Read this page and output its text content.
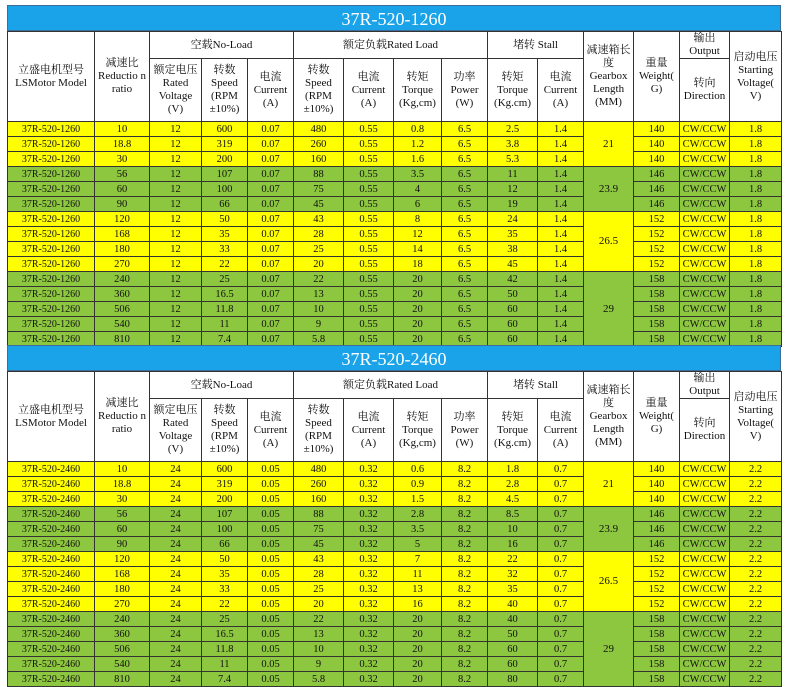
37R-520-1260
立盛电机型号 LSMotor Model	减速比Reductio n ratio	空载No-Load			额定负载Rated Load				堵转 Stall		减速箱长度 Gearbox Length (MM)	重量 Weight( G)	输出 Output	启动电压 Starting Voltage( V)
		额定电压Rated Voltage (V)	转数 Speed (RPM ±10%)	电流 Current (A)	转数 Speed (RPM ±10%)	电流 Current (A)	转矩 Torque (Kg,cm)	功率 Power (W)	转矩 Torque (Kg.cm)	电流 Current (A)			转向 Direction	
37R-520-1260	10	12	600	0.07	480	0.55	0.8	6.5	2.5	1.4	21	140	CW/CCW	1.8
37R-520-1260	18.8	12	319	0.07	260	0.55	1.2	6.5	3.8	1.4		140	CW/CCW	1.8
37R-520-1260	30	12	200	0.07	160	0.55	1.6	6.5	5.3	1.4		140	CW/CCW	1.8
37R-520-1260	56	12	107	0.07	88	0.55	3.5	6.5	11	1.4	23.9	146	CW/CCW	1.8
37R-520-1260	60	12	100	0.07	75	0.55	4	6.5	12	1.4		146	CW/CCW	1.8
37R-520-1260	90	12	66	0.07	45	0.55	6	6.5	19	1.4		146	CW/CCW	1.8
37R-520-1260	120	12	50	0.07	43	0.55	8	6.5	24	1.4	26.5	152	CW/CCW	1.8
37R-520-1260	168	12	35	0.07	28	0.55	12	6.5	35	1.4		152	CW/CCW	1.8
37R-520-1260	180	12	33	0.07	25	0.55	14	6.5	38	1.4		152	CW/CCW	1.8
37R-520-1260	270	12	22	0.07	20	0.55	18	6.5	45	1.4		152	CW/CCW	1.8
37R-520-1260	240	12	25	0.07	22	0.55	20	6.5	42	1.4	29	158	CW/CCW	1.8
37R-520-1260	360	12	16.5	0.07	13	0.55	20	6.5	50	1.4		158	CW/CCW	1.8
37R-520-1260	506	12	11.8	0.07	10	0.55	20	6.5	60	1.4		158	CW/CCW	1.8
37R-520-1260	540	12	11	0.07	9	0.55	20	6.5	60	1.4		158	CW/CCW	1.8
37R-520-1260	810	12	7.4	0.07	5.8	0.55	20	6.5	60	1.4		158	CW/CCW	1.8
37R-520-2460
立盛电机型号 LSMotor Model	减速比Reductio n ratio	空载No-Load			额定负载Rated Load				堵转 Stall		减速箱长度 Gearbox Length (MM)	重量 Weight( G)	输出 Output	启动电压 Starting Voltage( V)
		额定电压Rated Voltage (V)	转数 Speed (RPM ±10%)	电流 Current (A)	转数 Speed (RPM ±10%)	电流 Current (A)	转矩 Torque (Kg,cm)	功率 Power (W)	转矩 Torque (Kg.cm)	电流 Current (A)			转向 Direction	
37R-520-2460	10	24	600	0.05	480	0.32	0.6	8.2	1.8	0.7	21	140	CW/CCW	2.2
37R-520-2460	18.8	24	319	0.05	260	0.32	0.9	8.2	2.8	0.7		140	CW/CCW	2.2
37R-520-2460	30	24	200	0.05	160	0.32	1.5	8.2	4.5	0.7		140	CW/CCW	2.2
37R-520-2460	56	24	107	0.05	88	0.32	2.8	8.2	8.5	0.7	23.9	146	CW/CCW	2.2
37R-520-2460	60	24	100	0.05	75	0.32	3.5	8.2	10	0.7		146	CW/CCW	2.2
37R-520-2460	90	24	66	0.05	45	0.32	5	8.2	16	0.7		146	CW/CCW	2.2
37R-520-2460	120	24	50	0.05	43	0.32	7	8.2	22	0.7	26.5	152	CW/CCW	2.2
37R-520-2460	168	24	35	0.05	28	0.32	11	8.2	32	0.7		152	CW/CCW	2.2
37R-520-2460	180	24	33	0.05	25	0.32	13	8.2	35	0.7		152	CW/CCW	2.2
37R-520-2460	270	24	22	0.05	20	0.32	16	8.2	40	0.7		152	CW/CCW	2.2
37R-520-2460	240	24	25	0.05	22	0.32	20	8.2	40	0.7	29	158	CW/CCW	2.2
37R-520-2460	360	24	16.5	0.05	13	0.32	20	8.2	50	0.7		158	CW/CCW	2.2
37R-520-2460	506	24	11.8	0.05	10	0.32	20	8.2	60	0.7		158	CW/CCW	2.2
37R-520-2460	540	24	11	0.05	9	0.32	20	8.2	60	0.7		158	CW/CCW	2.2
37R-520-2460	810	24	7.4	0.05	5.8	0.32	20	8.2	80	0.7		158	CW/CCW	2.2
